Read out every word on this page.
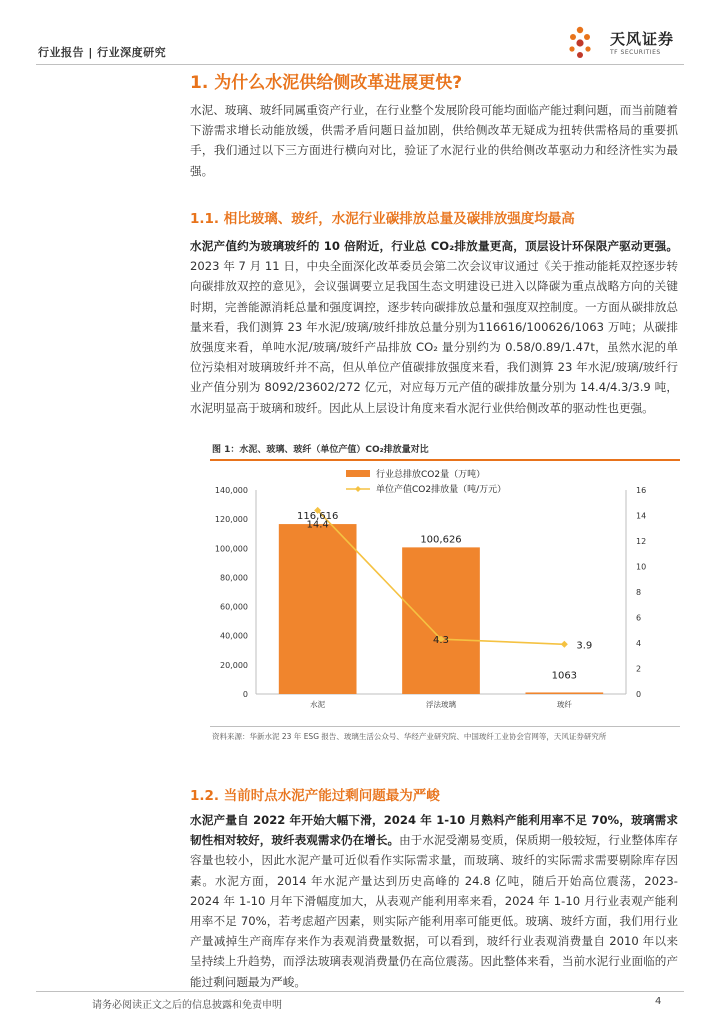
行业报告 | 行业深度研究
天风证券
TF SECURITIES
1. 为什么水泥供给侧改革进展更快?

水泥、玻璃、玻纤同属重资产行业，在行业整个发展阶段可能均面临产能过剩问题，而当前随着下游需求增长动能放缓，供需矛盾问题日益加剧，供给侧改革无疑成为扭转供需格局的重要抓手，我们通过以下三方面进行横向对比，验证了水泥行业的供给侧改革驱动力和经济性实为最强。

1.1. 相比玻璃、玻纤，水泥行业碳排放总量及碳排放强度均最高

水泥产值约为玻璃玻纤的 10 倍附近，行业总 CO₂排放量更高，顶层设计环保限产驱动更强。2023 年 7 月 11 日，中央全面深化改革委员会第二次会议审议通过《关于推动能耗双控逐步转向碳排放双控的意见》，会议强调要立足我国生态文明建设已进入以降碳为重点战略方向的关键时期，完善能源消耗总量和强度调控，逐步转向碳排放总量和强度双控制度。一方面从碳排放总量来看，我们测算 23 年水泥/玻璃/玻纤排放总量分别为116616/100626/1063 万吨；从碳排放强度来看，单吨水泥/玻璃/玻纤产品排放 CO₂ 量分别约为 0.58/0.89/1.47t，虽然水泥的单位污染相对玻璃玻纤并不高，但从单位产值碳排放强度来看，我们测算 23 年水泥/玻璃/玻纤行业产值分别为 8092/23602/272 亿元，对应每万元产值的碳排放量分别为 14.4/4.3/3.9 吨，水泥明显高于玻璃和玻纤。因此从上层设计角度来看水泥行业供给侧改革的驱动性也更强。

图 1：水泥、玻璃、玻纤（单位产值）CO₂排放量对比
0
20,000
40,000
60,000
80,000
100,000
120,000
140,000
0
2
4
6
8
10
12
14
16
116,616
100,626
1063
14.4
4.3	3.9
行业总排放CO2量（万吨）
单位产值CO2排放量（吨/万元）
水泥	浮法玻璃	玻纤
资料来源：华新水泥 23 年 ESG 报告、玻璃生活公众号、华经产业研究院、中国玻纤工业协会官网等，天风证券研究所
1.2. 当前时点水泥产能过剩问题最为严峻

水泥产量自 2022 年开始大幅下滑，2024 年 1-10 月熟料产能利用率不足 70%，玻璃需求韧性相对较好，玻纤表观需求仍在增长。由于水泥受潮易变质，保质期一般较短，行业整体库存容量也较小，因此水泥产量可近似看作实际需求量，而玻璃、玻纤的实际需求需要剔除库存因素。水泥方面，2014 年水泥产量达到历史高峰的 24.8 亿吨，随后开始高位震荡，2023-2024 年 1-10 月年下滑幅度加大，从表观产能利用率来看，2024 年 1-10 月行业表观产能利用率不足 70%，若考虑超产因素，则实际产能利用率可能更低。玻璃、玻纤方面，我们用行业产量减掉生产商库存来作为表观消费量数据，可以看到，玻纤行业表观消费量自 2010 年以来呈持续上升趋势，而浮法玻璃表观消费量仍在高位震荡。因此整体来看，当前水泥行业面临的产能过剩问题最为严峻。

请务必阅读正文之后的信息披露和免责申明	4
